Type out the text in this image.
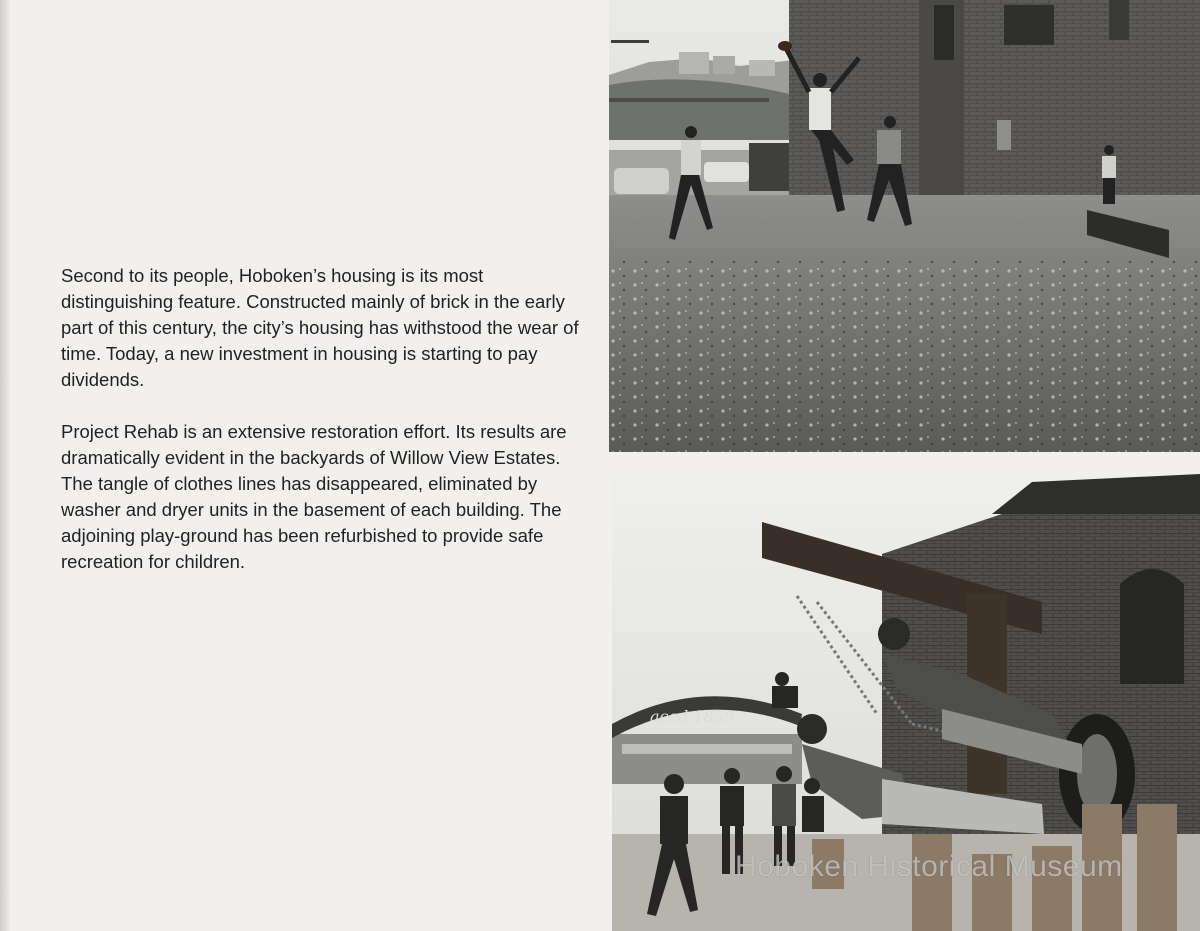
Second to its people, Hoboken’s housing is its most distinguishing feature. Constructed mainly of brick in the early part of this century, the city’s housing has withstood the wear of time. Today, a new investment in housing is starting to pay dividends.

Project Rehab is an extensive restoration effort. Its results are dramatically evident in the backyards of Willow View Estates. The tangle of clothes lines has disappeared, eliminated by washer and dryer units in the basement of each building. The adjoining play-ground has been refurbished to provide safe recreation for children.

aced 1859
Hoboken Historical Museum
